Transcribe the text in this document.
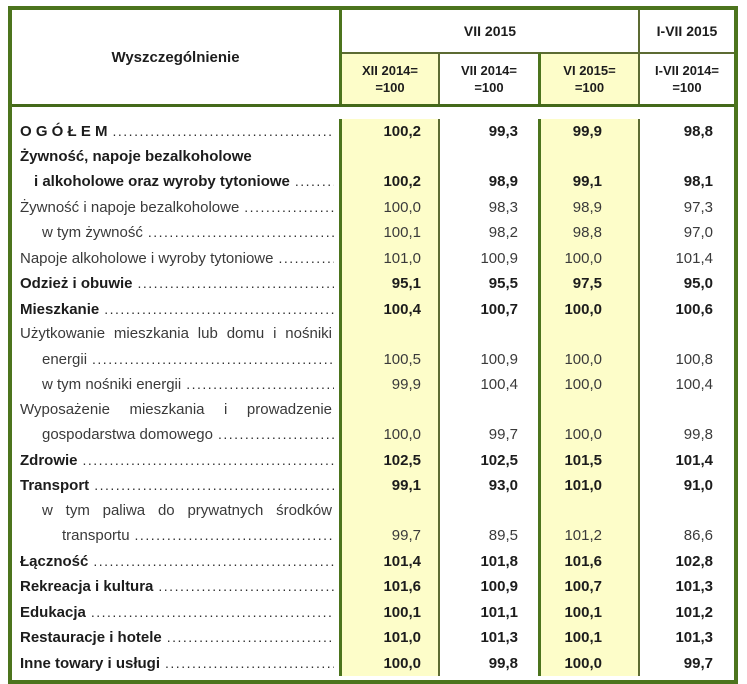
Wyszczególnienie
VII 2015	I-VII 2015
XII 2014=
=100
VII 2014=
=100
VI 2015=
=100
I-VII 2014=
=100
O G Ó Ł E M .....	100,2	99,3	99,9	98,8
Żywność, napoje bezalkoholowe
i alkoholowe oraz wyroby tytoniowe .....	100,2	98,9	99,1	98,1
Żywność i napoje bezalkoholowe .....	100,0	98,3	98,9	97,3
w tym żywność .....	100,1	98,2	98,8	97,0
Napoje alkoholowe i wyroby tytoniowe .....	101,0	100,9	100,0	101,4
Odzież i obuwie .....	95,1	95,5	97,5	95,0
Mieszkanie .....	100,4	100,7	100,0	100,6
Użytkowanie mieszkania lub domu i nośniki
energii .....	100,5	100,9	100,0	100,8
w tym nośniki energii .....	99,9	100,4	100,0	100,4
Wyposażenie mieszkania i prowadzenie
gospodarstwa domowego .....	100,0	99,7	100,0	99,8
Zdrowie .....	102,5	102,5	101,5	101,4
Transport .....	99,1	93,0	101,0	91,0
w tym paliwa do prywatnych środków
transportu .....	99,7	89,5	101,2	86,6
Łączność .....	101,4	101,8	101,6	102,8
Rekreacja i kultura .....	101,6	100,9	100,7	101,3
Edukacja .....	100,1	101,1	100,1	101,2
Restauracje i hotele .....	101,0	101,3	100,1	101,3
Inne towary i usługi .....	100,0	99,8	100,0	99,7
